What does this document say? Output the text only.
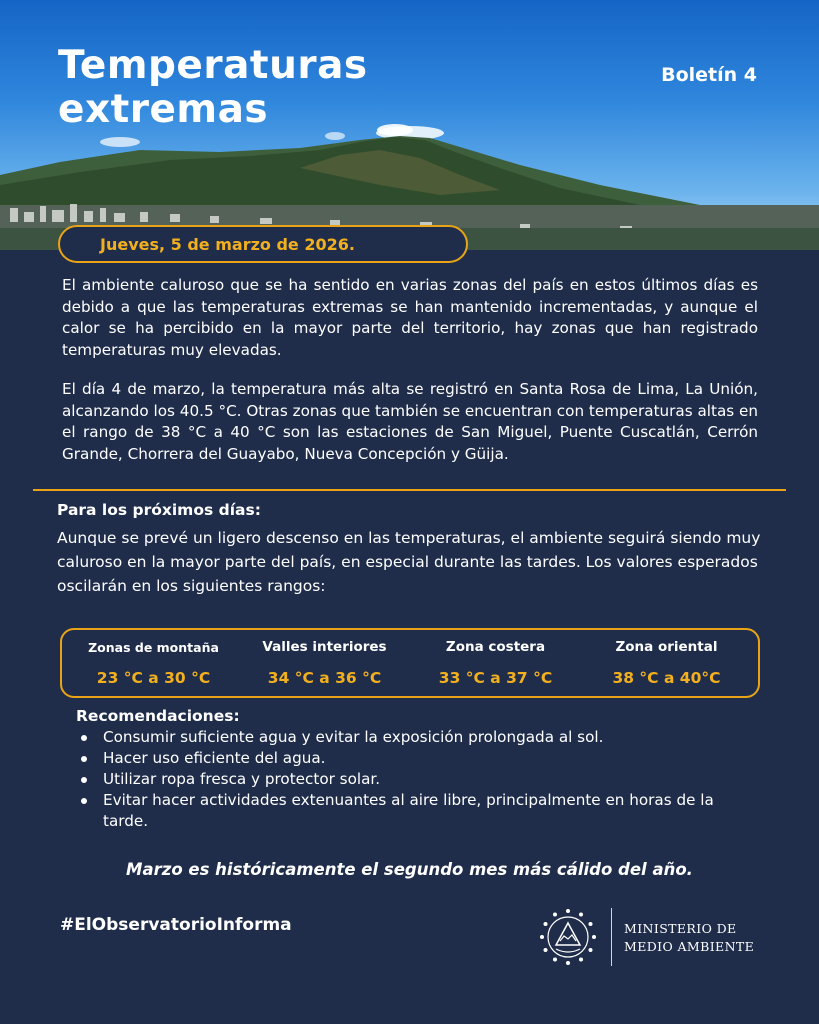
Temperaturas
extremas
Boletín 4
Jueves, 5 de marzo de 2026.

El ambiente caluroso que se ha sentido en varias zonas del país en estos últimos días es debido a que las temperaturas extremas se han mantenido incrementadas, y aunque el calor se ha percibido en la mayor parte del territorio, hay zonas que han registrado temperaturas muy elevadas.

El día 4 de marzo, la temperatura más alta se registró en Santa Rosa de Lima, La Unión, alcanzando los 40.5 °C. Otras zonas que también se encuentran con temperaturas altas en el rango de 38 °C a 40 °C son las estaciones de San Miguel, Puente Cuscatlán, Cerrón Grande, Chorrera del Guayabo, Nueva Concepción y Güija.

Para los próximos días:

Aunque se prevé un ligero descenso en las temperaturas, el ambiente seguirá siendo muy caluroso en la mayor parte del país, en especial durante las tardes. Los valores esperados oscilarán en los siguientes rangos:

Zonas de montaña
23 °C a 30 °C
Valles interiores
34 °C a 36 °C
Zona costera
33 °C a 37 °C
Zona oriental
38 °C a 40°C
Recomendaciones:
Consumir suficiente agua y evitar la exposición prolongada al sol.
Hacer uso eficiente del agua.
Utilizar ropa fresca y protector solar.
Evitar hacer actividades extenuantes al aire libre, principalmente en horas de la tarde.
Marzo es históricamente el segundo mes más cálido del año.
#ElObservatorioInforma	MINISTERIO DE
MEDIO AMBIENTE
